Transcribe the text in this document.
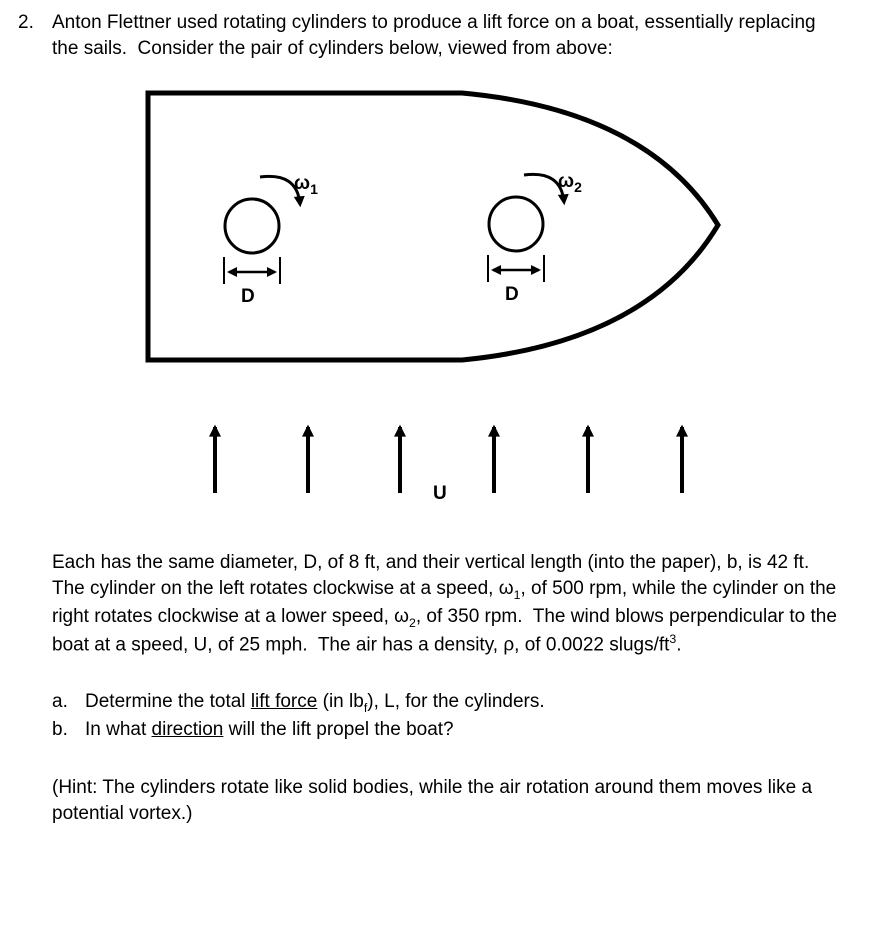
2. Anton Flettner used rotating cylinders to produce a lift force on a boat, essentially replacing the sails.  Consider the pair of cylinders below, viewed from above:

$\omega_1$	$\omega_2$
D	D
U

Each has the same diameter, D, of 8 ft, and their vertical length (into the paper), b, is 42 ft.  The cylinder on the left rotates clockwise at a speed, $\omega_1$, of 500 rpm, while the cylinder on the right rotates clockwise at a lower speed, $\omega_2$, of 350 rpm.  The wind blows perpendicular to the boat at a speed, U, of 25 mph.  The air has a density, ρ, of 0.0022 slugs/$ft^3$.

a. Determine the total lift force (in $lb_f$), L, for the cylinders.

b. In what direction will the lift propel the boat?

(Hint: The cylinders rotate like solid bodies, while the air rotation around them moves like a potential vortex.)
